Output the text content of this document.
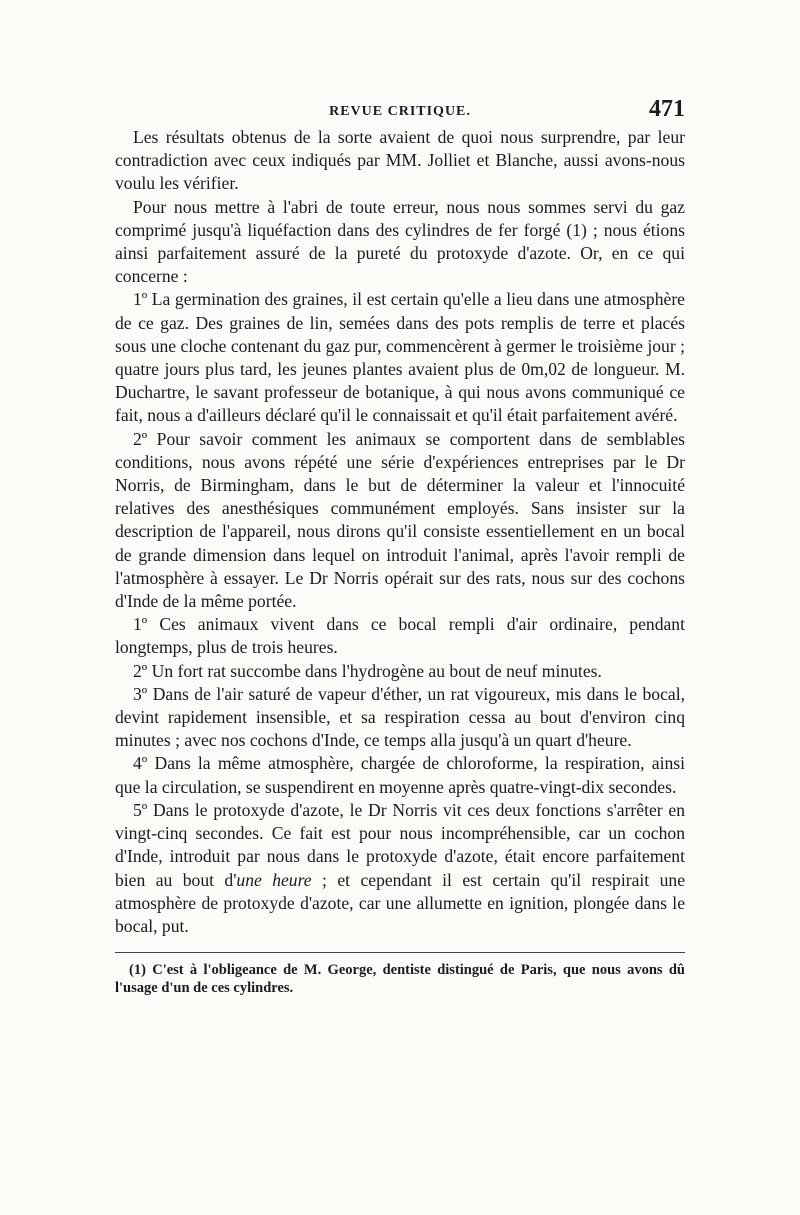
REVUE CRITIQUE.	471

Les résultats obtenus de la sorte avaient de quoi nous surprendre, par leur contradiction avec ceux indiqués par MM. Jolliet et Blanche, aussi avons-nous voulu les vérifier.

Pour nous mettre à l'abri de toute erreur, nous nous sommes servi du gaz comprimé jusqu'à liquéfaction dans des cylindres de fer forgé (1) ; nous étions ainsi parfaitement assuré de la pureté du protoxyde d'azote. Or, en ce qui concerne :

1º La germination des graines, il est certain qu'elle a lieu dans une atmosphère de ce gaz. Des graines de lin, semées dans des pots remplis de terre et placés sous une cloche contenant du gaz pur, commencèrent à germer le troisième jour ; quatre jours plus tard, les jeunes plantes avaient plus de 0m,02 de longueur. M. Duchartre, le savant professeur de botanique, à qui nous avons communiqué ce fait, nous a d'ailleurs déclaré qu'il le connaissait et qu'il était parfaitement avéré.

2º Pour savoir comment les animaux se comportent dans de semblables conditions, nous avons répété une série d'expériences entreprises par le Dr Norris, de Birmingham, dans le but de déterminer la valeur et l'innocuité relatives des anesthésiques communément employés. Sans insister sur la description de l'appareil, nous dirons qu'il consiste essentiellement en un bocal de grande dimension dans lequel on introduit l'animal, après l'avoir rempli de l'atmosphère à essayer. Le Dr Norris opérait sur des rats, nous sur des cochons d'Inde de la même portée.

1º Ces animaux vivent dans ce bocal rempli d'air ordinaire, pendant longtemps, plus de trois heures.

2º Un fort rat succombe dans l'hydrogène au bout de neuf minutes.

3º Dans de l'air saturé de vapeur d'éther, un rat vigoureux, mis dans le bocal, devint rapidement insensible, et sa respiration cessa au bout d'environ cinq minutes ; avec nos cochons d'Inde, ce temps alla jusqu'à un quart d'heure.

4º Dans la même atmosphère, chargée de chloroforme, la respiration, ainsi que la circulation, se suspendirent en moyenne après quatre-vingt-dix secondes.

5º Dans le protoxyde d'azote, le Dr Norris vit ces deux fonctions s'arrêter en vingt-cinq secondes. Ce fait est pour nous incompréhensible, car un cochon d'Inde, introduit par nous dans le protoxyde d'azote, était encore parfaitement bien au bout d'une heure ; et cependant il est certain qu'il respirait une atmosphère de protoxyde d'azote, car une allumette en ignition, plongée dans le bocal, put.

(1) C'est à l'obligeance de M. George, dentiste distingué de Paris, que nous avons dû l'usage d'un de ces cylindres.
